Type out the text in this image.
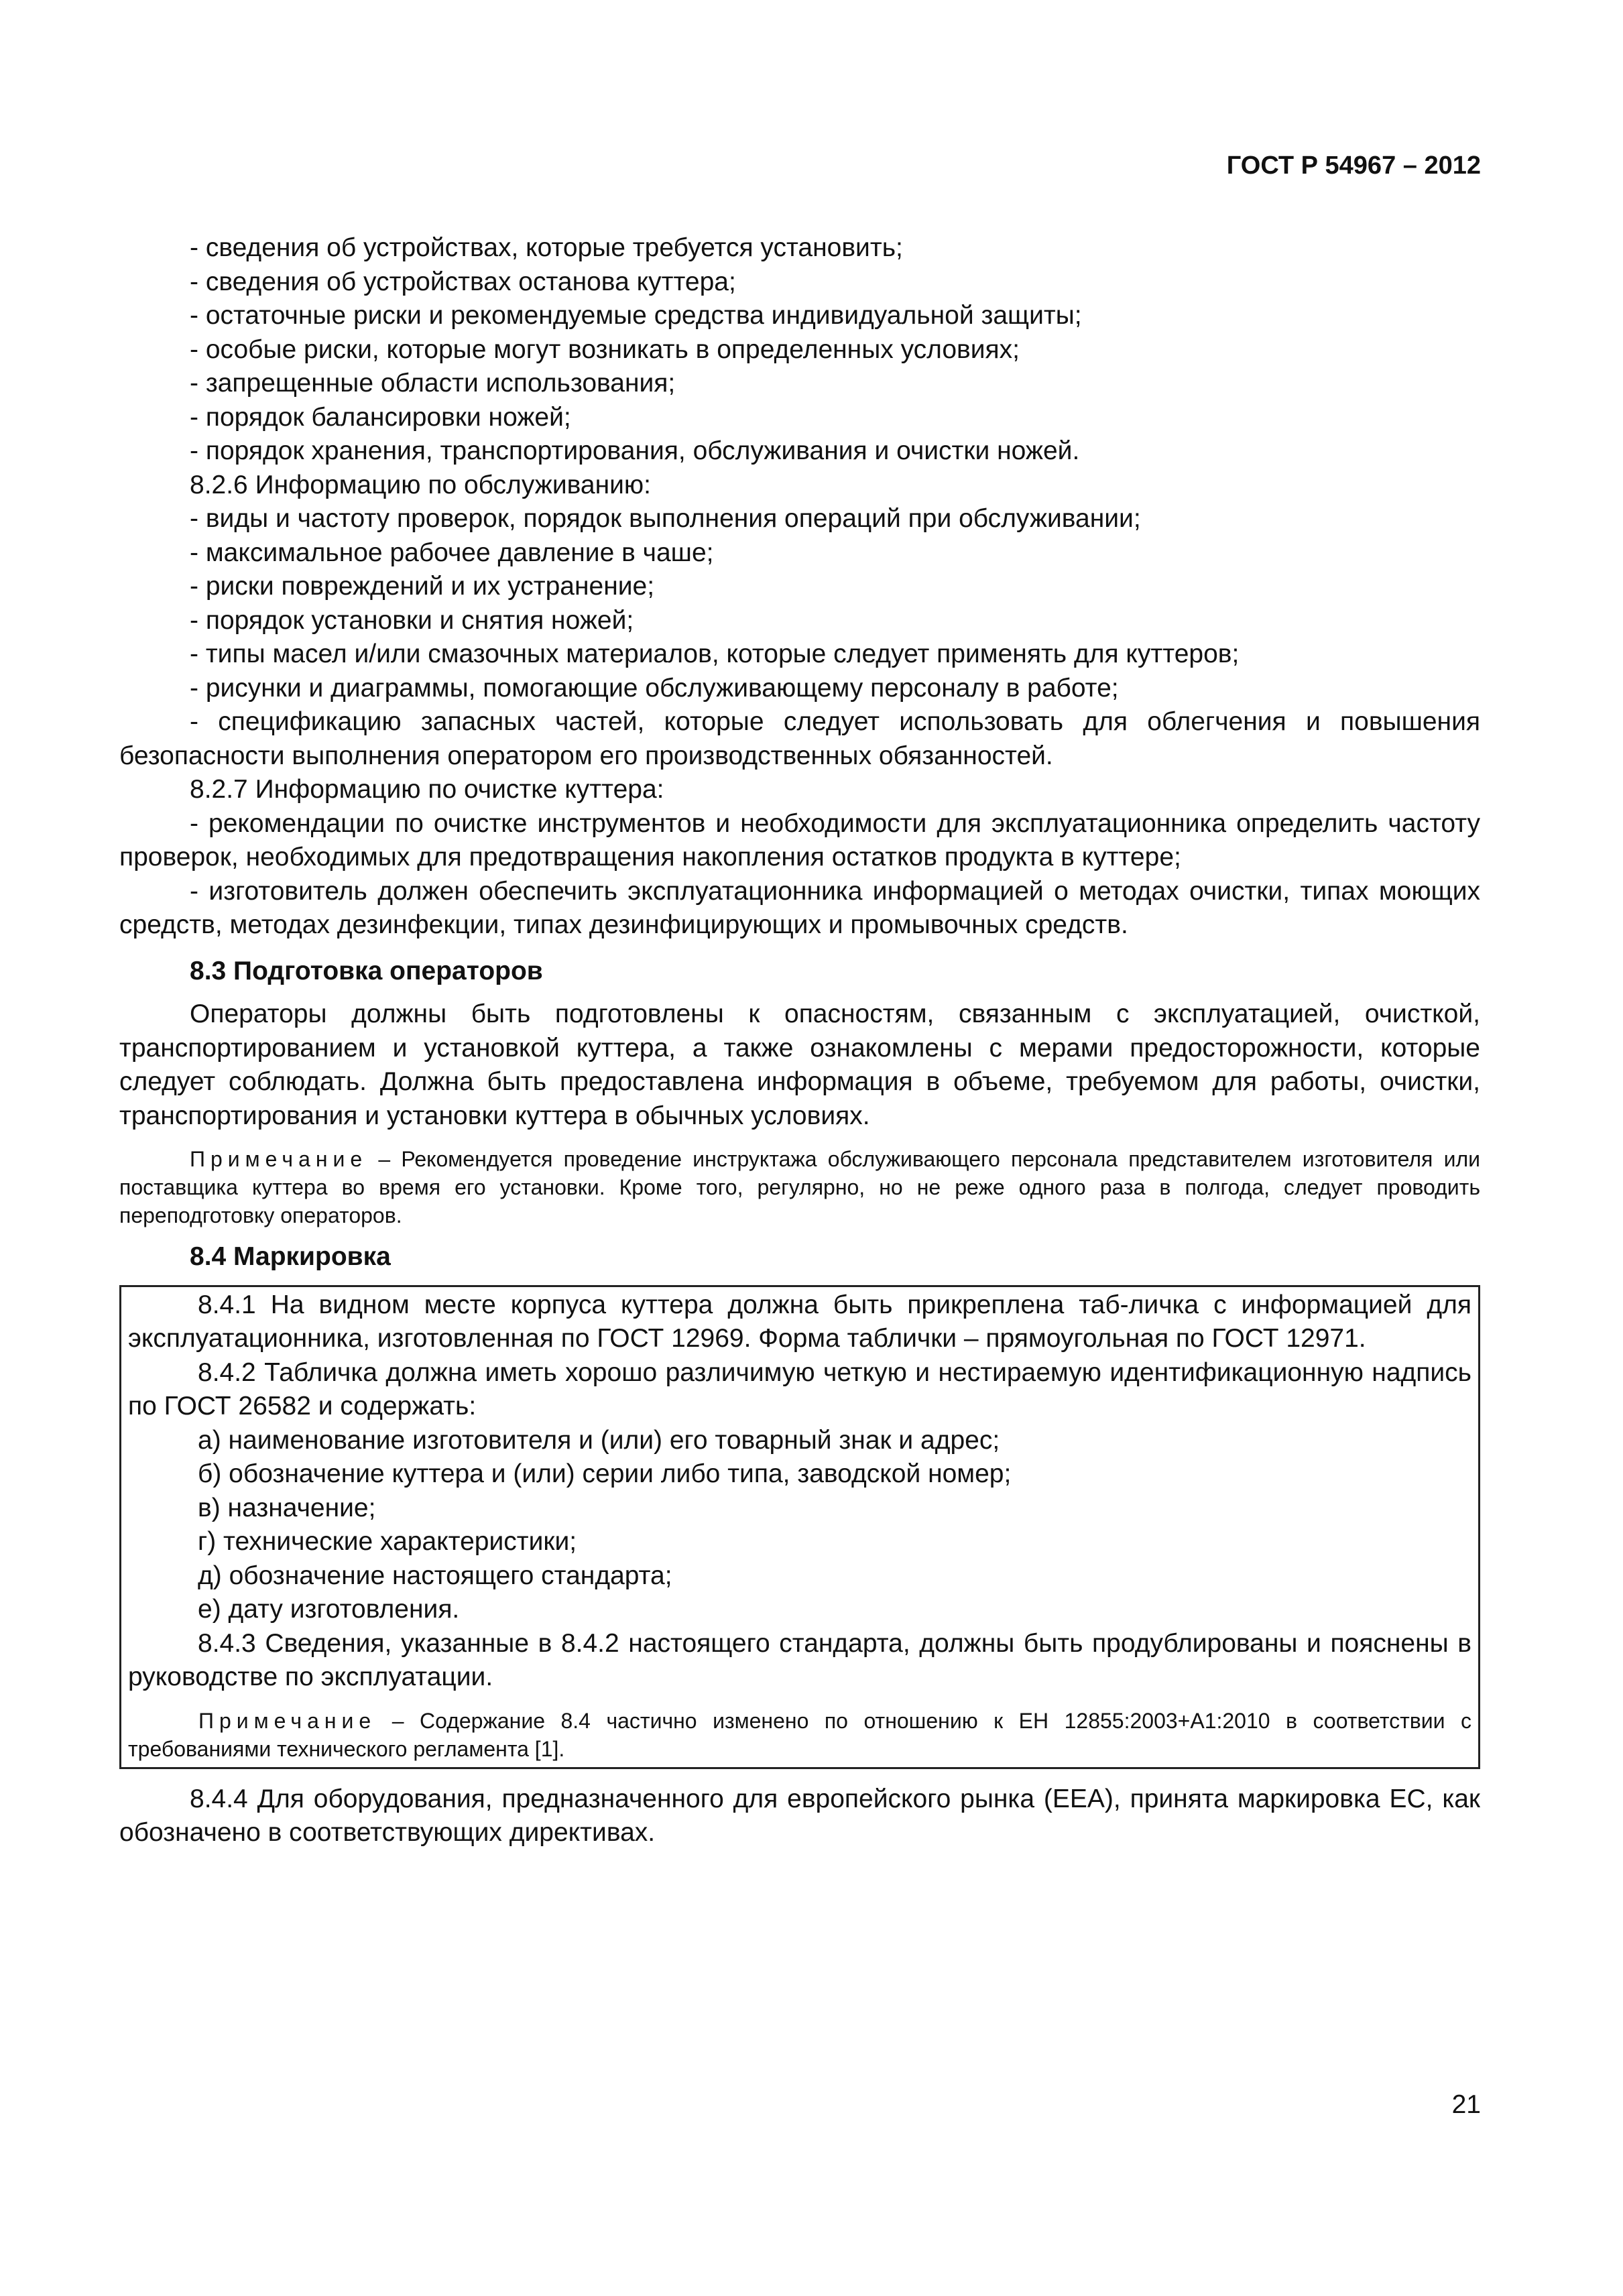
ГОСТ Р 54967 – 2012

- сведения об устройствах, которые требуется установить;

- сведения об устройствах останова куттера;

- остаточные риски и рекомендуемые средства индивидуальной защиты;

- особые риски, которые могут возникать в определенных условиях;

- запрещенные области использования;

- порядок балансировки ножей;

- порядок хранения, транспортирования, обслуживания и очистки ножей.

8.2.6 Информацию по обслуживанию:

- виды и частоту проверок, порядок выполнения операций при обслуживании;

- максимальное рабочее давление в чаше;

- риски повреждений и их устранение;

- порядок установки и снятия ножей;

- типы масел и/или смазочных материалов, которые следует применять для куттеров;

- рисунки и диаграммы, помогающие обслуживающему персоналу в работе;

- спецификацию запасных частей, которые следует использовать для облегчения и повышения безопасности выполнения оператором его производственных обязанностей.

8.2.7 Информацию по очистке куттера:

- рекомендации по очистке инструментов и необходимости для эксплуатационника определить частоту проверок, необходимых для предотвращения накопления остатков продукта в куттере;

- изготовитель должен обеспечить эксплуатационника информацией о методах очистки, типах моющих средств, методах дезинфекции, типах дезинфицирующих и промывочных средств.

8.3 Подготовка операторов

Операторы должны быть подготовлены к опасностям, связанным с эксплуатацией, очисткой, транспортированием и установкой куттера, а также ознакомлены с мерами предосторожности, которые следует соблюдать. Должна быть предоставлена информация в объеме, требуемом для работы, очистки, транспортирования и установки куттера в обычных условиях.

Примечание – Рекомендуется проведение инструктажа обслуживающего персонала представителем изготовителя или поставщика куттера во время его установки. Кроме того, регулярно, но не реже одного раза в полгода, следует проводить переподготовку операторов.

8.4 Маркировка

8.4.1 На видном месте корпуса куттера должна быть прикреплена таб-личка с информацией для эксплуатационника, изготовленная по ГОСТ 12969. Форма таблички – прямоугольная по ГОСТ 12971.

8.4.2 Табличка должна иметь хорошо различимую четкую и нестираемую идентификационную надпись по ГОСТ 26582 и содержать:

а) наименование изготовителя и (или) его товарный знак и адрес;

б) обозначение куттера и (или) серии либо типа, заводской номер;

в) назначение;

г) технические характеристики;

д) обозначение настоящего стандарта;

е) дату изготовления.

8.4.3 Сведения, указанные в 8.4.2 настоящего стандарта, должны быть продублированы и пояснены в руководстве по эксплуатации.

Примечание – Содержание 8.4 частично изменено по отношению к ЕН 12855:2003+А1:2010 в соответствии с требованиями технического регламента [1].

8.4.4 Для оборудования, предназначенного для европейского рынка (ЕЕА), принята маркировка ЕС, как обозначено в соответствующих директивах.

21
